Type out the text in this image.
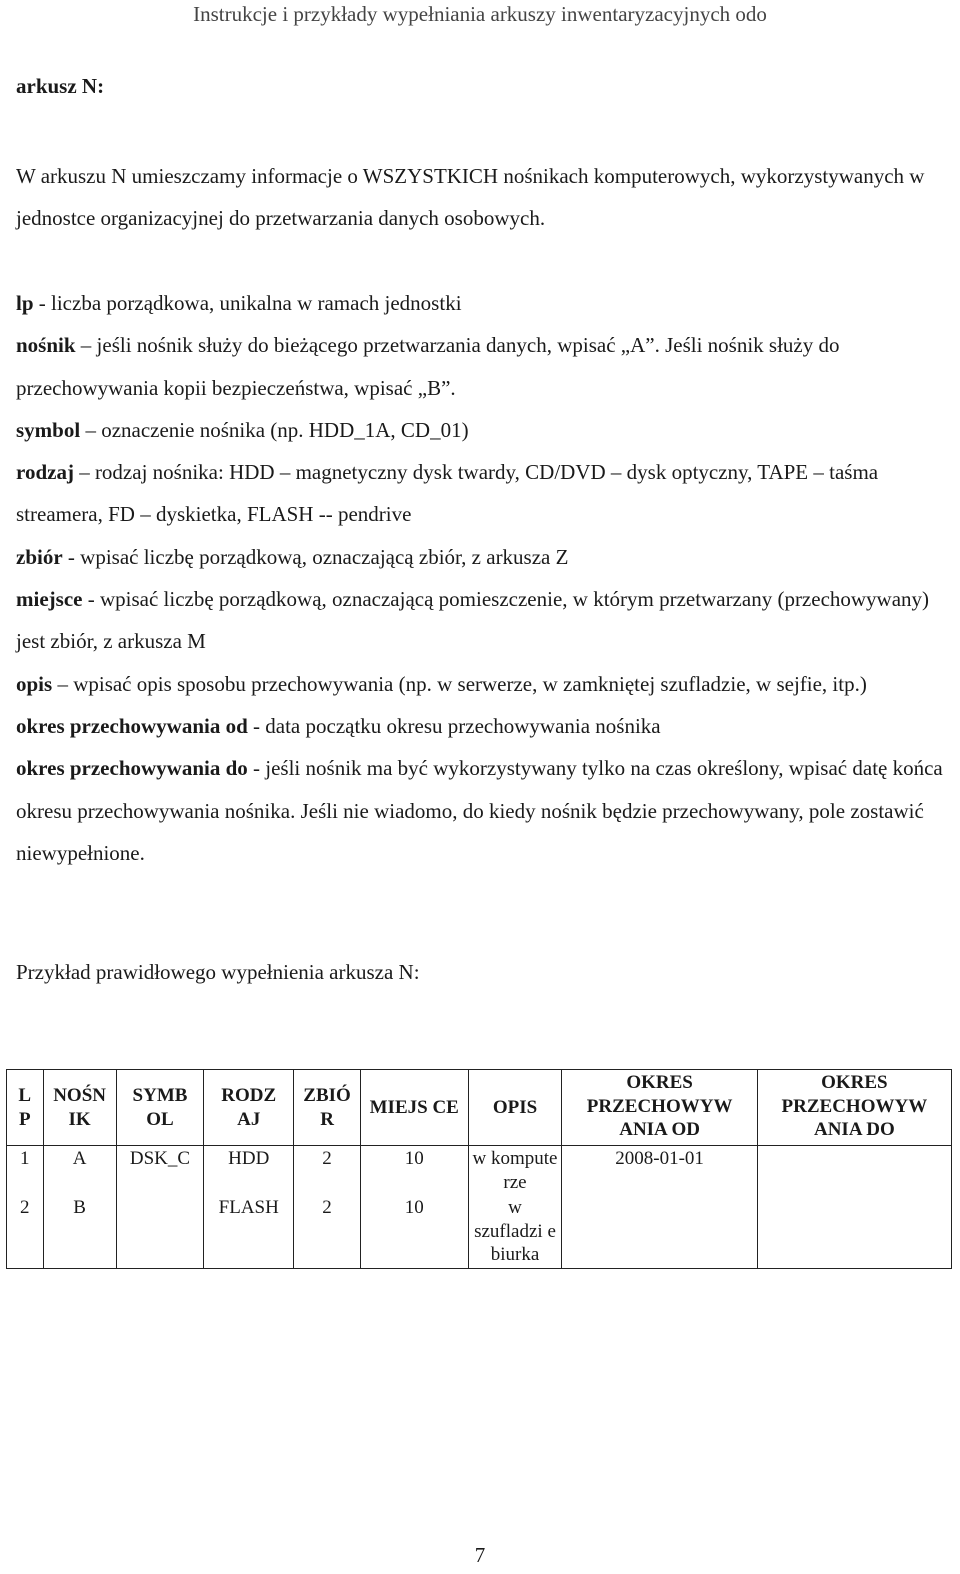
Instrukcje i przykłady wypełniania arkuszy inwentaryzacyjnych odo
arkusz N:
W arkuszu N umieszczamy informacje o WSZYSTKICH nośnikach komputerowych, wykorzystywanych w jednostce organizacyjnej do przetwarzania danych osobowych.

lp - liczba porządkowa, unikalna w ramach jednostki

nośnik – jeśli nośnik służy do bieżącego przetwarzania danych, wpisać „A”. Jeśli nośnik służy do przechowywania kopii bezpieczeństwa, wpisać „B”.

symbol – oznaczenie nośnika (np. HDD_1A, CD_01)

rodzaj – rodzaj nośnika: HDD – magnetyczny dysk twardy, CD/DVD – dysk optyczny, TAPE – taśma streamera, FD – dyskietka, FLASH -- pendrive

zbiór - wpisać liczbę porządkową, oznaczającą zbiór, z arkusza Z

miejsce - wpisać liczbę porządkową, oznaczającą pomieszczenie, w którym przetwarzany (przechowywany) jest zbiór, z arkusza M

opis – wpisać opis sposobu przechowywania (np. w serwerze, w zamkniętej szufladzie, w sejfie, itp.)

okres przechowywania od - data początku okresu przechowywania nośnika

okres przechowywania do - jeśli nośnik ma być wykorzystywany tylko na czas określony, wpisać datę końca okresu przechowywania nośnika. Jeśli nie wiadomo, do kiedy nośnik będzie przechowywany, pole zostawić niewypełnione.

Przykład prawidłowego wypełnienia arkusza N:
L P	NOŚN IK	SYMB OL	RODZ AJ	ZBIÓ R	MIEJS CE	OPIS	OKRES PRZECHOWYW ANIA OD	OKRES PRZECHOWYW ANIA DO
1	A	DSK_C	HDD	2	10	w kompute rze	2008-01-01	
2	B		FLASH	2	10	w szufladzi e biurka		
7
